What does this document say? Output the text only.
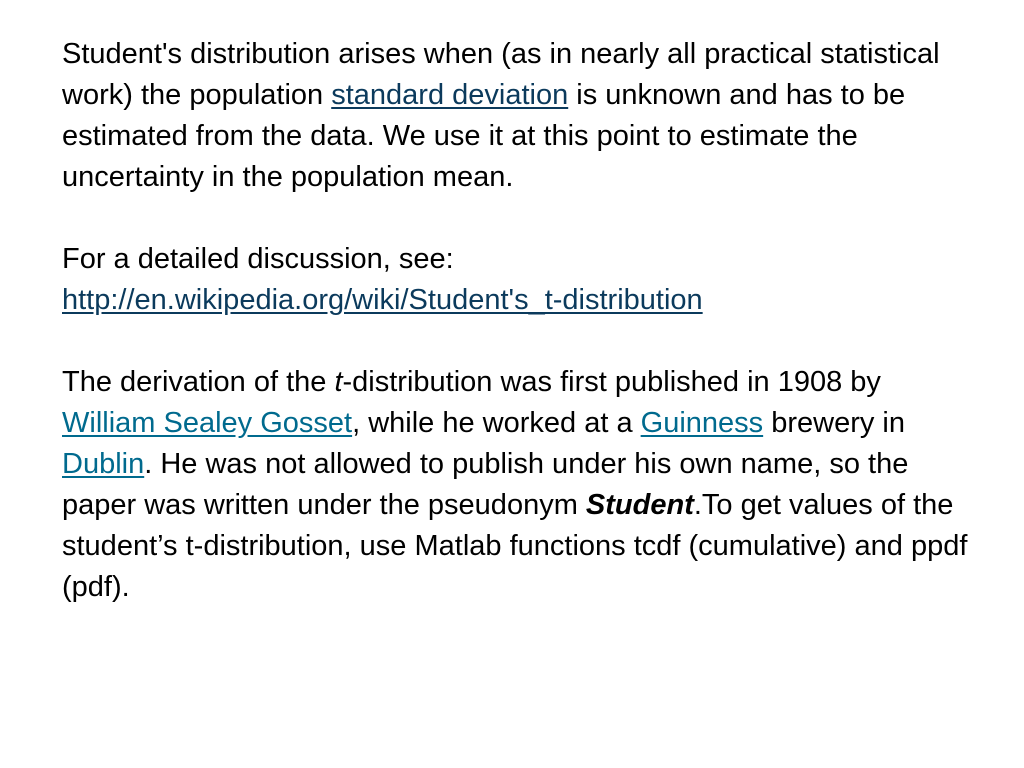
Student's distribution arises when (as in nearly all practical statistical work) the population standard deviation is unknown and has to be estimated from the data. We use it at this point to estimate the uncertainty in the population mean.

For a detailed discussion, see:
http://en.wikipedia.org/wiki/Student's_t-distribution

The derivation of the t-distribution was first published in 1908 by William Sealey Gosset, while he worked at a Guinness brewery in Dublin. He was not allowed to publish under his own name, so the paper was written under the pseudonym Student.To get values of the student’s t-distribution, use Matlab functions tcdf (cumulative) and ppdf (pdf).
